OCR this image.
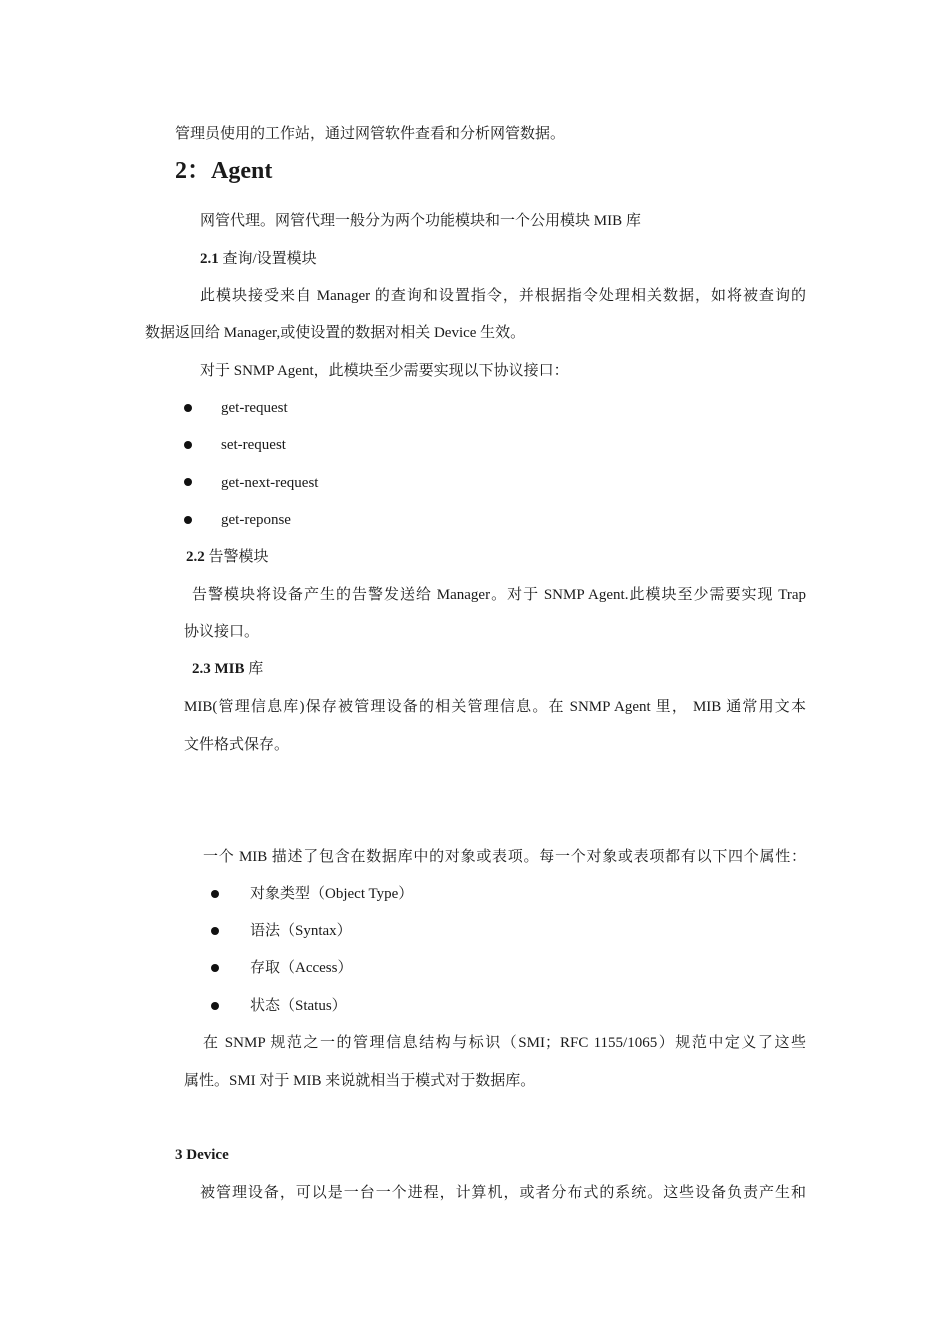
管理员使用的工作站，通过网管软件查看和分析网管数据。
2：Agent
网管代理。网管代理一般分为两个功能模块和一个公用模块 MIB 库
2.1 查询/设置模块
此模块接受来自 Manager 的查询和设置指令，并根据指令处理相关数据，如将被查询的
数据返回给 Manager,或使设置的数据对相关 Device 生效。
对于 SNMP Agent，此模块至少需要实现以下协议接口：
get-request
set-request
get-next-request
get-reponse
2.2 告警模块
告警模块将设备产生的告警发送给 Manager。对于 SNMP Agent.此模块至少需要实现 Trap
协议接口。
2.3 MIB 库
MIB(管理信息库)保存被管理设备的相关管理信息。在 SNMP Agent 里， MIB 通常用文本
文件格式保存。
一个 MIB 描述了包含在数据库中的对象或表项。每一个对象或表项都有以下四个属性：
对象类型（Object Type）
语法（Syntax）
存取（Access）
状态（Status）
在 SNMP 规范之一的管理信息结构与标识（SMI；RFC 1155/1065）规范中定义了这些
属性。SMI 对于 MIB 来说就相当于模式对于数据库。
3 Device
被管理设备，可以是一台一个进程，计算机，或者分布式的系统。这些设备负责产生和
